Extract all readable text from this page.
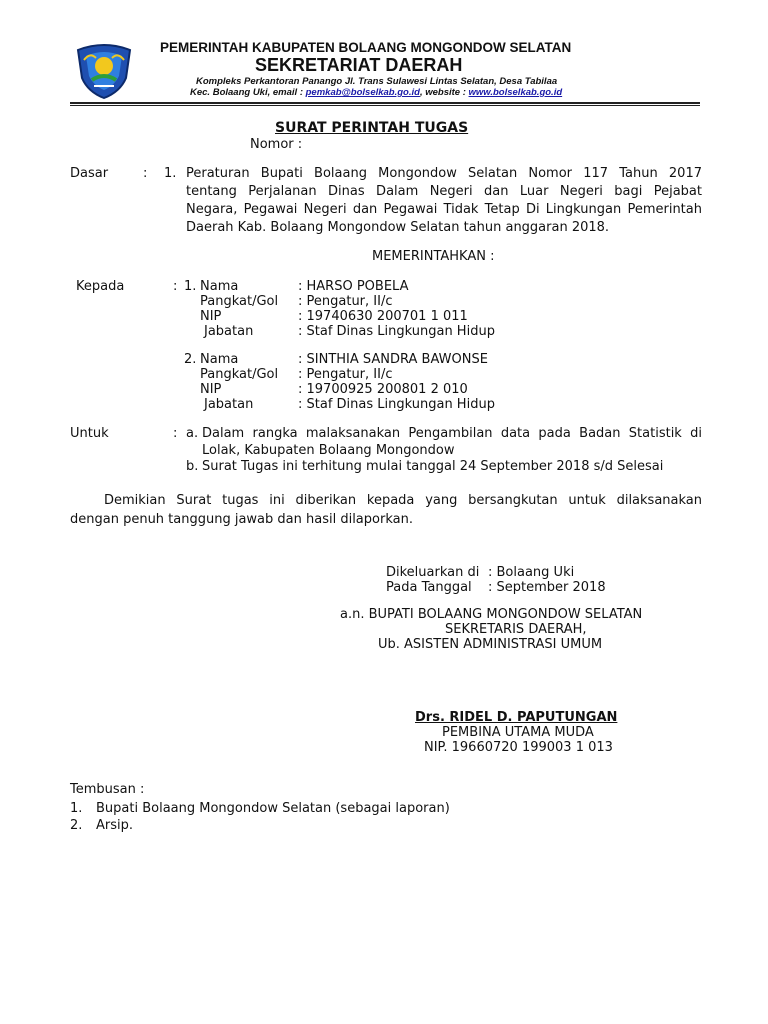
PEMERINTAH KABUPATEN BOLAANG MONGONDOW SELATAN
SEKRETARIAT DAERAH
Kompleks Perkantoran Panango Jl. Trans Sulawesi Lintas Selatan, Desa Tabilaa
Kec. Bolaang Uki, email : pemkab@bolselkab.go.id, website : www.bolselkab.go.id
SURAT PERINTAH TUGAS
Nomor :
Dasar	: 1. Peraturan Bupati Bolaang Mongondow Selatan Nomor 117 Tahun 2017
tentang Perjalanan Dinas Dalam Negeri dan Luar Negeri bagi Pejabat
Negara, Pegawai Negeri dan Pegawai Tidak Tetap Di Lingkungan Pemerintah
Daerah Kab. Bolaang Mongondow Selatan tahun anggaran 2018.
MEMERINTAHKAN :
Kepada	: 1. Nama	: HARSO POBELA
Pangkat/Gol : Pengatur, II/c
NIP	: 19740630 200701 1 011
Jabatan	: Staf Dinas Lingkungan Hidup
2. Nama	: SINTHIA SANDRA BAWONSE
Pangkat/Gol : Pengatur, II/c
NIP	: 19700925 200801 2 010
Jabatan	: Staf Dinas Lingkungan Hidup
Untuk	: a. Dalam rangka malaksanakan Pengambilan data pada Badan Statistik di
Lolak, Kabupaten Bolaang Mongondow
b. Surat Tugas ini terhitung mulai tanggal 24 September 2018 s/d Selesai
Demikian Surat tugas ini diberikan kepada yang bersangkutan untuk dilaksanakan
dengan penuh tanggung jawab dan hasil dilaporkan.
Dikeluarkan di : Bolaang Uki
Pada Tanggal : September 2018
a.n. BUPATI BOLAANG MONGONDOW SELATAN
SEKRETARIS DAERAH,
Ub. ASISTEN ADMINISTRASI UMUM
Drs. RIDEL D. PAPUTUNGAN
PEMBINA UTAMA MUDA
NIP. 19660720 199003 1 013
Tembusan :
1. Bupati Bolaang Mongondow Selatan (sebagai laporan)
2. Arsip.
